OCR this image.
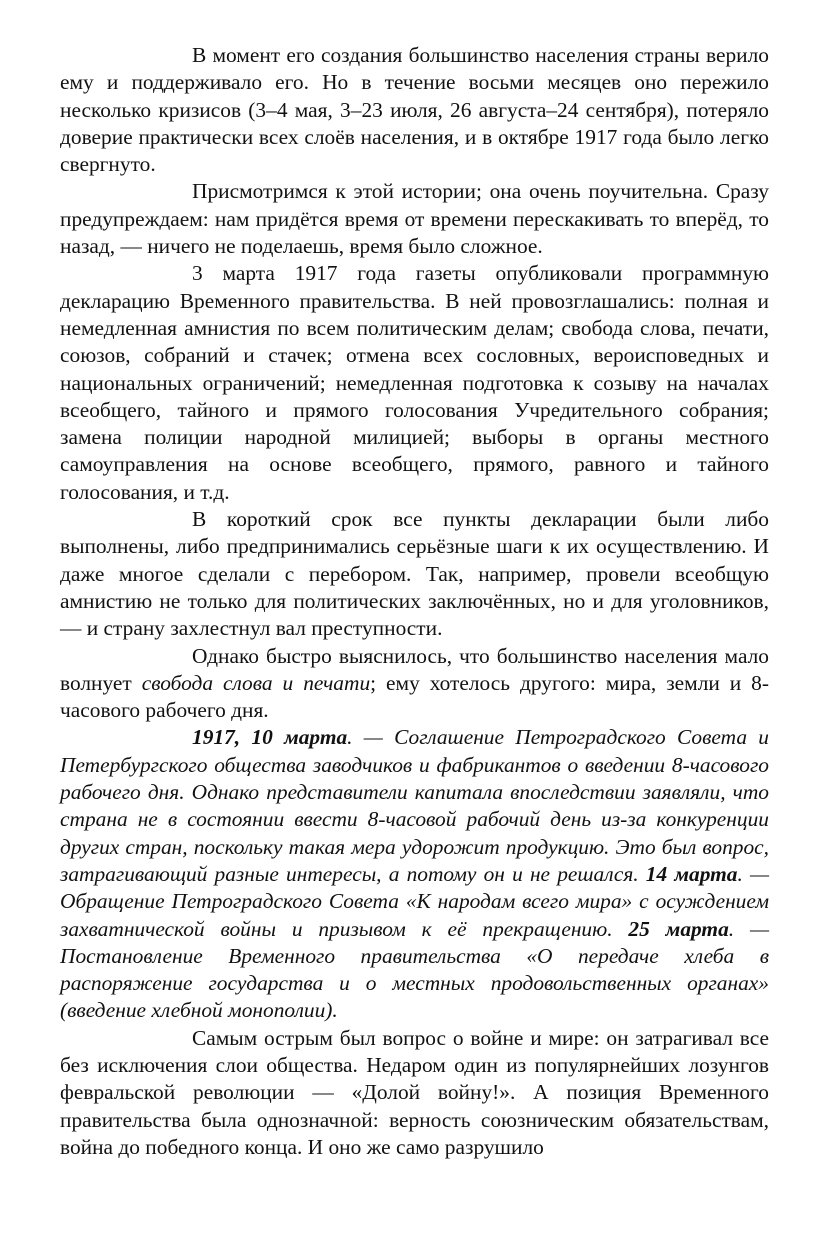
В момент его создания большинство населения страны верило ему и поддерживало его. Но в течение восьми месяцев оно пережило несколько кризисов (3–4 мая, 3–23 июля, 26 августа–24 сентября), потеряло доверие практически всех слоёв населения, и в октябре 1917 года было легко свергнуто.

Присмотримся к этой истории; она очень поучительна. Сразу предупреждаем: нам придётся время от времени перескакивать то вперёд, то назад, — ничего не поделаешь, время было сложное.

3 марта 1917 года газеты опубликовали программную декларацию Временного правительства. В ней провозглашались: полная и немедленная амнистия по всем политическим делам; свобода слова, печати, союзов, собраний и стачек; отмена всех сословных, вероисповедных и национальных ограничений; немедленная подготовка к созыву на началах всеобщего, тайного и прямого голосования Учредительного собрания; замена полиции народной милицией; выборы в органы местного самоуправления на основе всеобщего, прямого, равного и тайного голосования, и т.д.

В короткий срок все пункты декларации были либо выполнены, либо предпринимались серьёзные шаги к их осуществлению. И даже многое сделали с перебором. Так, например, провели всеобщую амнистию не только для политических заключённых, но и для уголовников, — и страну захлестнул вал преступности.

Однако быстро выяснилось, что большинство населения мало волнует свобода слова и печати; ему хотелось другого: мира, земли и 8-часового рабочего дня.

1917, 10 марта. — Соглашение Петроградского Совета и Петербургского общества заводчиков и фабрикантов о введении 8-часового рабочего дня. Однако представители капитала впоследствии заявляли, что страна не в состоянии ввести 8-часовой рабочий день из-за конкуренции других стран, поскольку такая мера удорожит продукцию. Это был вопрос, затрагивающий разные интересы, а потому он и не решался. 14 марта. — Обращение Петроградского Совета «К народам всего мира» с осуждением захватнической войны и призывом к её прекращению. 25 марта. — Постановление Временного правительства «О передаче хлеба в распоряжение государства и о местных продовольственных органах» (введение хлебной монополии).

Самым острым был вопрос о войне и мире: он затрагивал все без исключения слои общества. Недаром один из популярнейших лозунгов февральской революции — «Долой войну!». А позиция Временного правительства была однозначной: верность союзническим обязательствам, война до победного конца. И оно же само разрушило
